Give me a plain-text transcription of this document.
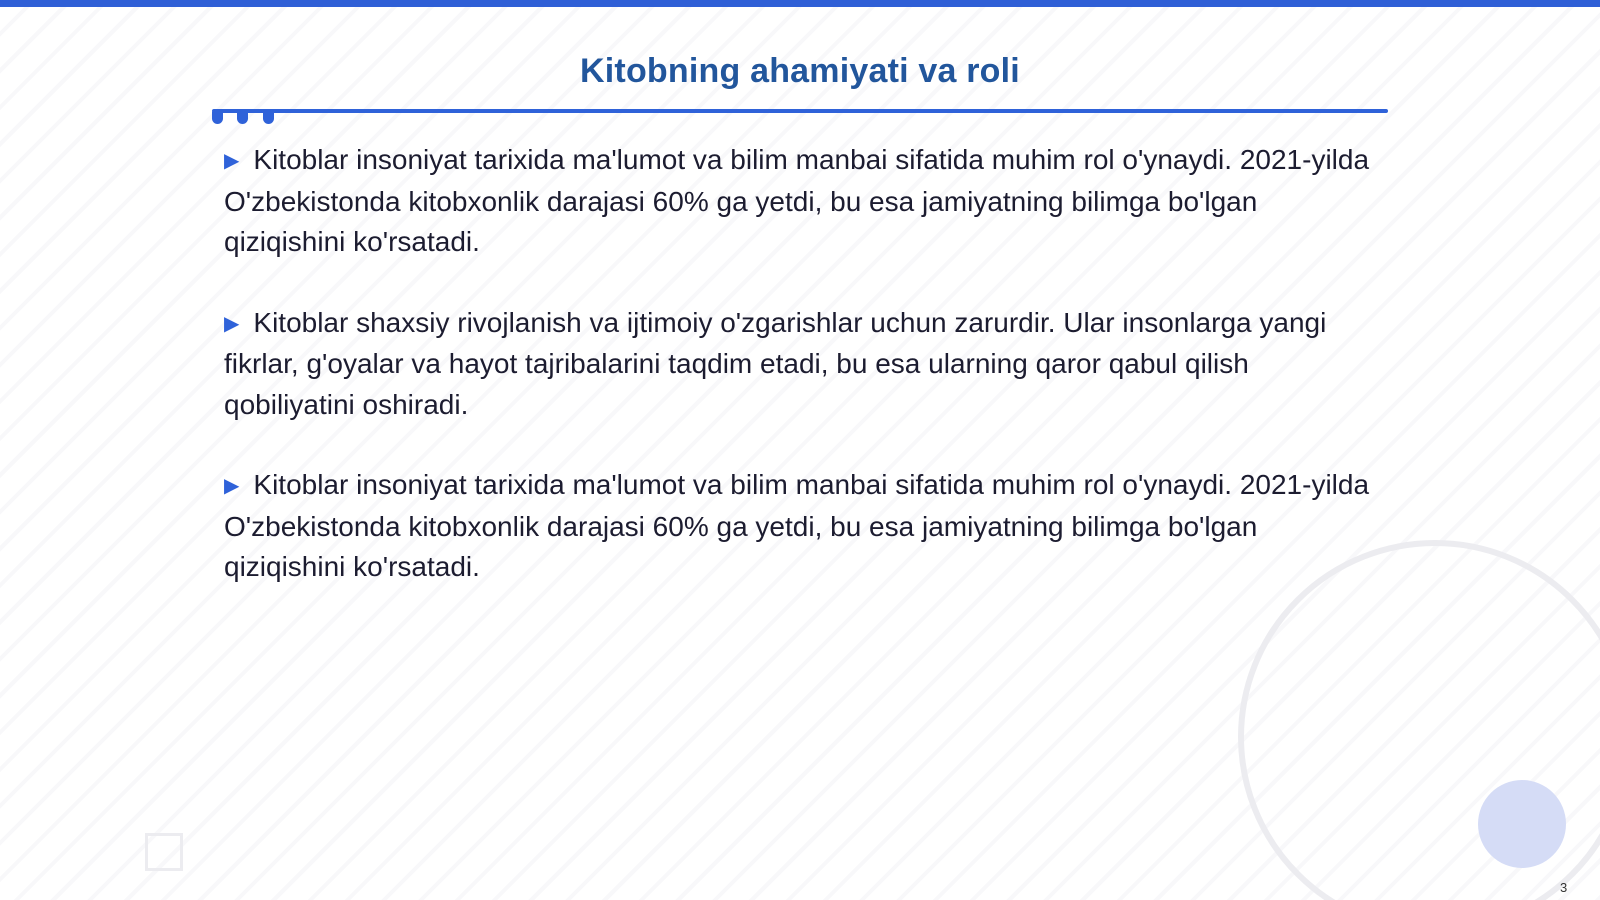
Kitobning ahamiyati va roli

▶ Kitoblar insoniyat tarixida ma'lumot va bilim manbai sifatida muhim rol o'ynaydi. 2021-yilda O'zbekistonda kitobxonlik darajasi 60% ga yetdi, bu esa jamiyatning bilimga bo'lgan qiziqishini ko'rsatadi.

▶ Kitoblar shaxsiy rivojlanish va ijtimoiy o'zgarishlar uchun zarurdir. Ular insonlarga yangi fikrlar, g'oyalar va hayot tajribalarini taqdim etadi, bu esa ularning qaror qabul qilish qobiliyatini oshiradi.

▶ Kitoblar insoniyat tarixida ma'lumot va bilim manbai sifatida muhim rol o'ynaydi. 2021-yilda O'zbekistonda kitobxonlik darajasi 60% ga yetdi, bu esa jamiyatning bilimga bo'lgan qiziqishini ko'rsatadi.

3
